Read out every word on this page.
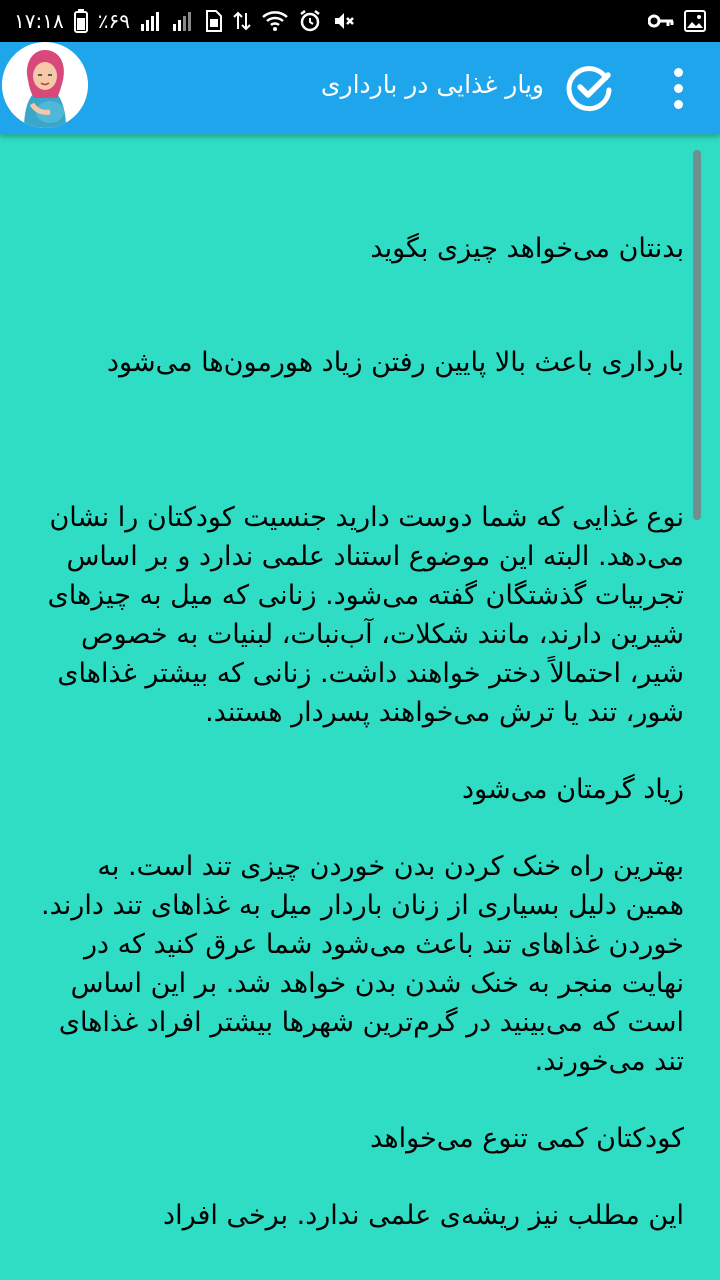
۱۷:۱۸ ٪۶۹
ویار غذایی در بارداری

بدنتان می‌خواهد چیزی بگوید

بارداری باعث بالا پایین رفتن زیاد هورمون‌ها می‌شود

نوع غذایی که شما دوست دارید جنسیت کودکتان را نشان می‌دهد. البته این موضوع استناد علمی ندارد و بر اساس تجربیات گذشتگان گفته می‌شود. زنانی که میل به چیزهای شیرین دارند، مانند شکلات، آب‌نبات، لبنیات به خصوص شیر، احتمالاً دختر خواهند داشت. زنانی که بیشتر غذاهای شور، تند یا ترش می‌خواهند پسردار هستند.

زیاد گرمتان می‌شود

بهترین راه خنک کردن بدن خوردن چیزی تند است. به همین دلیل بسیاری از زنان باردار میل به غذاهای تند دارند. خوردن غذاهای تند باعث می‌شود شما عرق کنید که در نهایت منجر به خنک شدن بدن خواهد شد. بر این اساس است که می‌بینید در گرم‌ترین شهرها بیشتر افراد غذاهای تند می‌خورند.

کودکتان کمی تنوع می‌خواهد

این مطلب نیز ریشه‌ی علمی ندارد. برخی افراد
